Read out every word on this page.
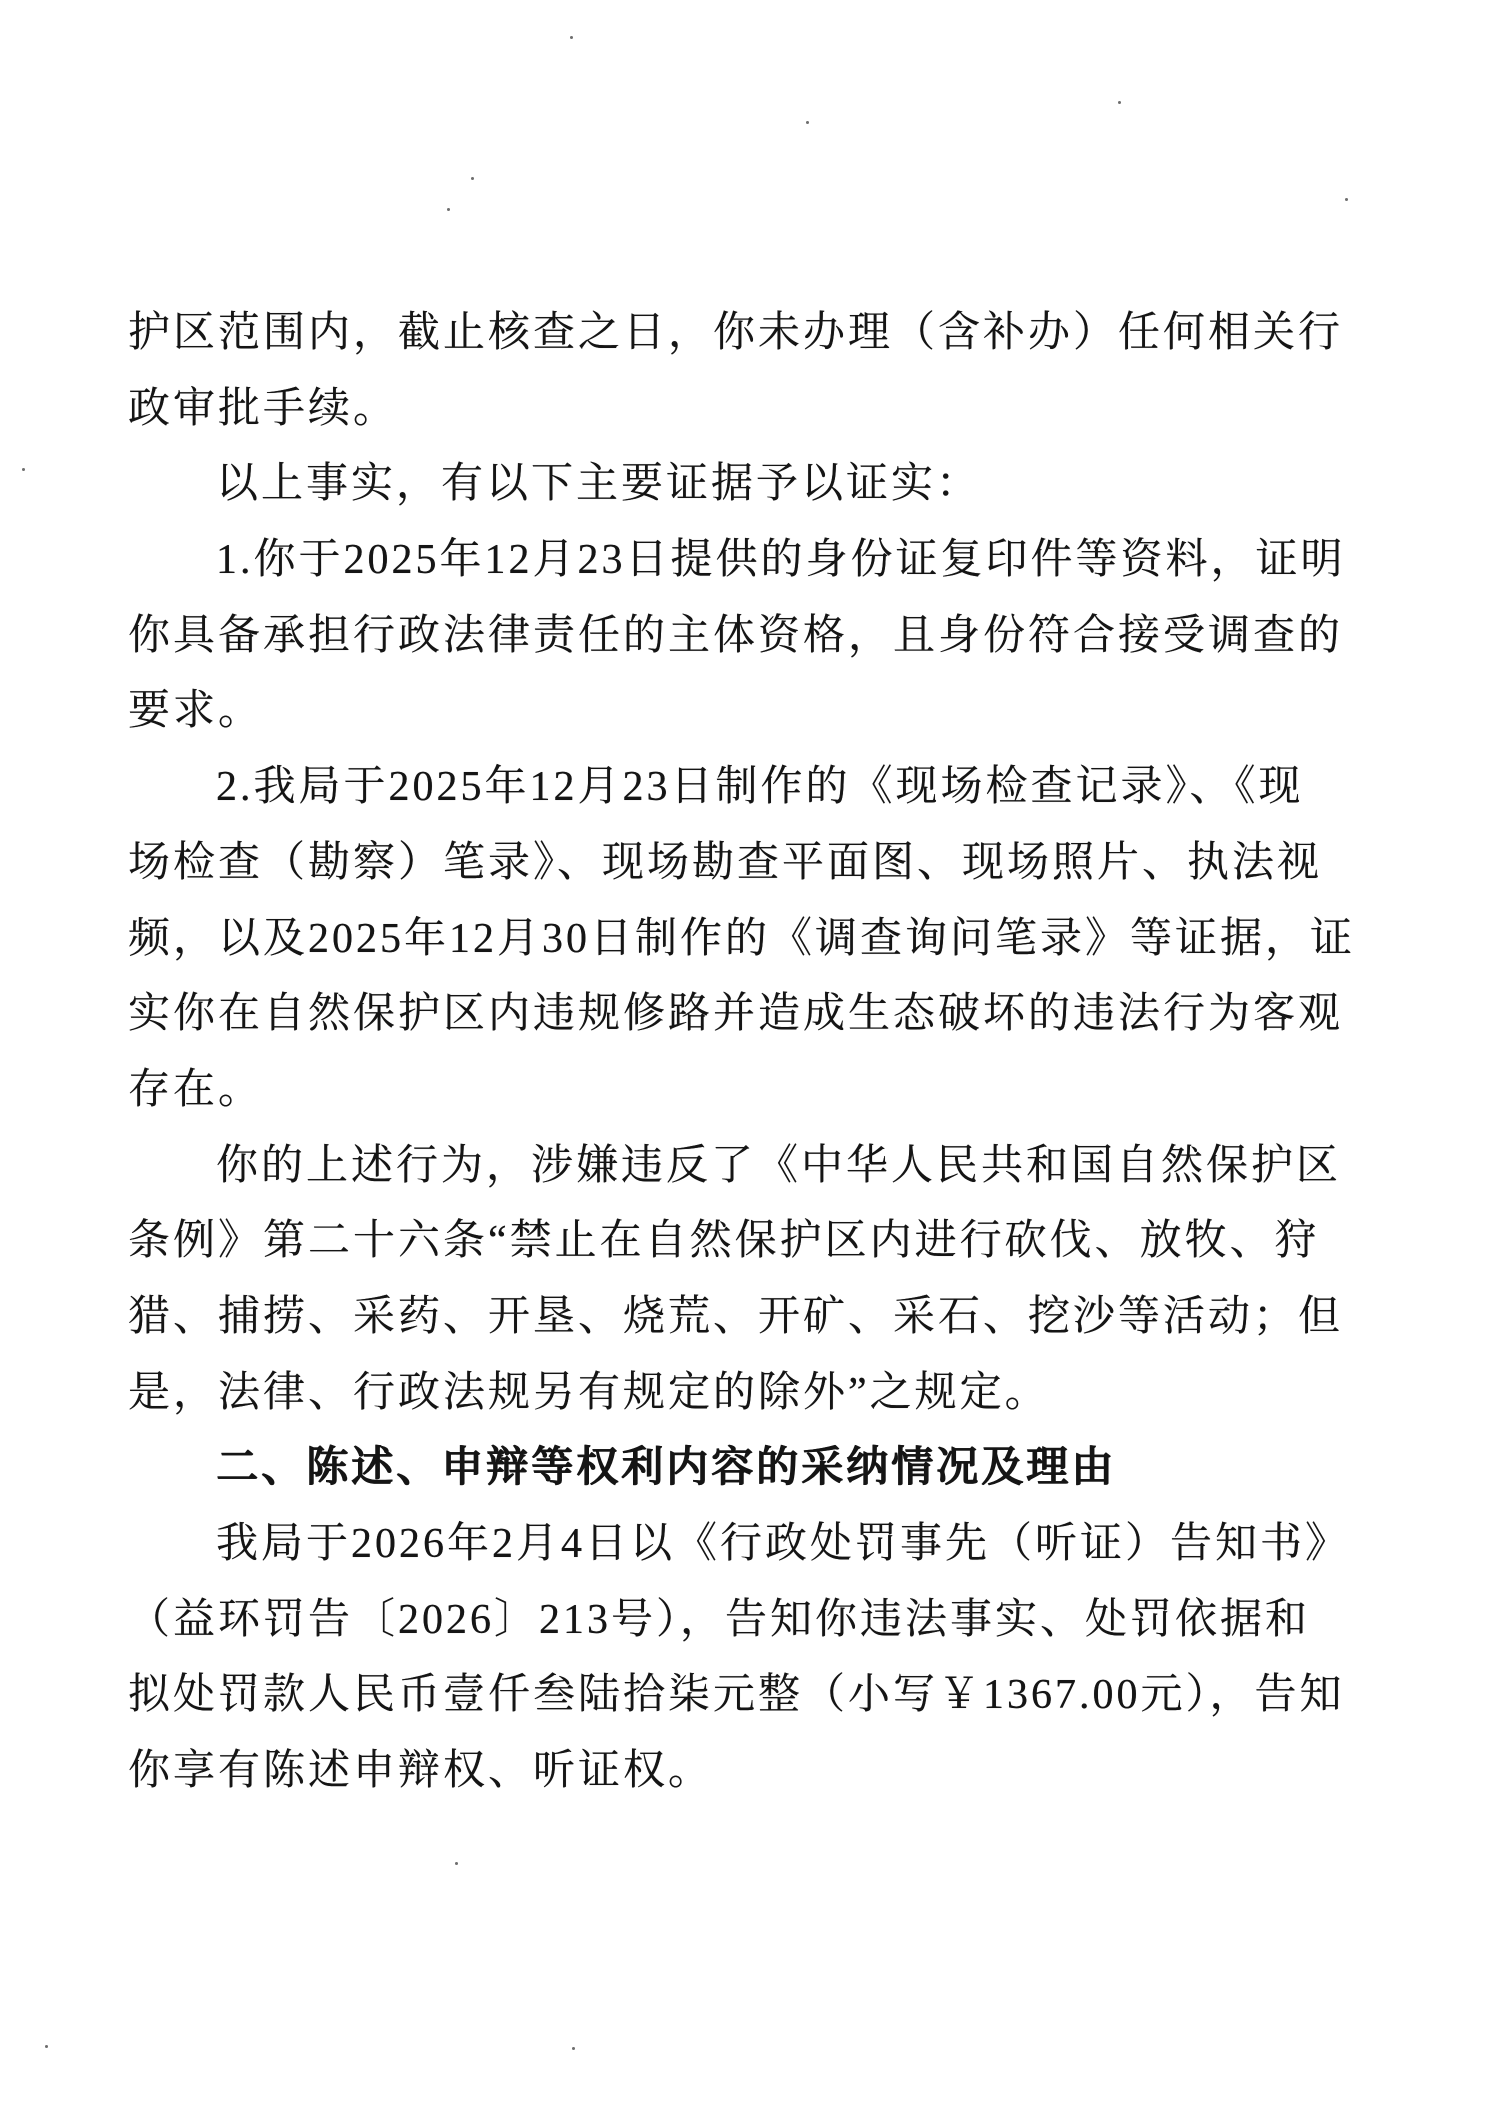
护区范围内，截止核查之日，你未办理（含补办）任何相关行
政审批手续。
以上事实，有以下主要证据予以证实：
1.你于2025年12月23日提供的身份证复印件等资料，证明
你具备承担行政法律责任的主体资格，且身份符合接受调查的
要求。
2.我局于2025年12月23日制作的《现场检查记录》、《现
场检查（勘察）笔录》、现场勘查平面图、现场照片、执法视
频，以及2025年12月30日制作的《调查询问笔录》等证据，证
实你在自然保护区内违规修路并造成生态破坏的违法行为客观
存在。
你的上述行为，涉嫌违反了《中华人民共和国自然保护区
条例》第二十六条“禁止在自然保护区内进行砍伐、放牧、狩
猎、捕捞、采药、开垦、烧荒、开矿、采石、挖沙等活动；但
是，法律、行政法规另有规定的除外”之规定。
二、陈述、申辩等权利内容的采纳情况及理由
我局于2026年2月4日以《行政处罚事先（听证）告知书》
（益环罚告〔2026〕213号），告知你违法事实、处罚依据和
拟处罚款人民币壹仟叁陆拾柒元整（小写￥1367.00元），告知
你享有陈述申辩权、听证权。
